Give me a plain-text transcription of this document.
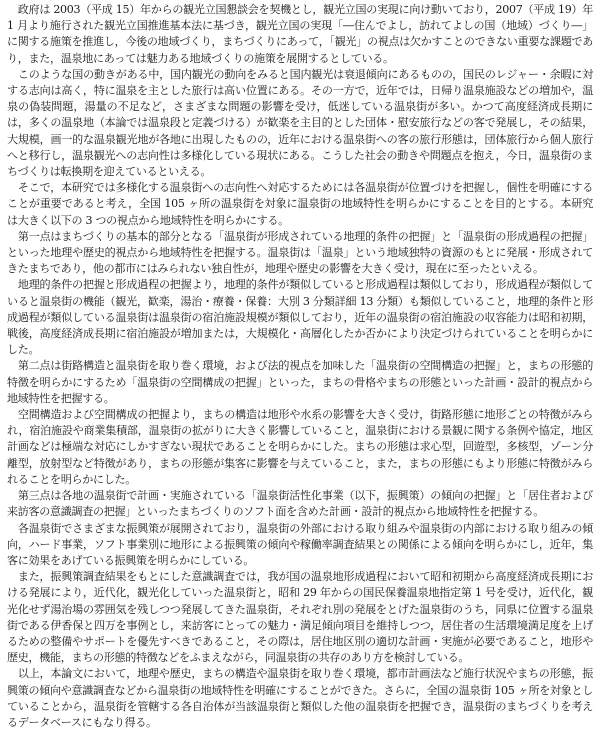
　政府は 2003（平成 15）年からの観光立国懇談会を契機とし，観光立国の実現に向け動いており，2007（平成 19）年 1 月より施行された観光立国推進基本法に基づき，観光立国の実現「―住んでよし，訪れてよしの国（地域）づくり―」に関する施策を推進し，今後の地域づくり，まちづくりにあって，「観光」の視点は欠かすことのできない重要な課題であり，また，温泉地にあっては魅力ある地域づくりの施策を展開するとしている。

　このような国の動きがある中，国内観光の動向をみると国内観光は衰退傾向にあるものの，国民のレジャー・余暇に対する志向は高く，特に温泉を主とした旅行は高い位置にある。その一方で，近年では，日帰り温泉施設などの増加や，温泉の偽装問題，湯量の不足など，さまざまな問題の影響を受け，低迷している温泉街が多い。かつて高度経済成長期には，多くの温泉地（本論では温泉段と定義づける）が歓楽を主目的とした団体・慰安旅行などの客で発展し，その結果，大規模，画一的な温泉観光地が各地に出現したものの，近年における温泉街への客の旅行形態は，団体旅行から個人旅行へと移行し，温泉観光への志向性は多様化している現状にある。こうした社会の動きや問題点を抱え，今日，温泉街のまちづくりは転換期を迎えているといえる。

　そこで，本研究では多様化する温泉街への志向性へ対応するためには各温泉街が位置づけを把握し，個性を明確にすることが重要であると考え，全国 105 ヶ所の温泉街を対象に温泉街の地域特性を明らかにすることを目的とする。本研究は大きく以下の 3 つの視点から地域特性を明らかにする。

　第一点はまちづくりの基本的部分となる「温泉街が形成されている地理的条件の把握」と「温泉街の形成過程の把握」といった地理や歴史的視点から地域特性を把握する。温泉街は「温泉」という地域独特の資源のもとに発展・形成されてきたまちであり，他の都市にはみられない独自性が，地理や歴史の影響を大きく受け，現在に至ったといえる。

　地理的条件の把握と形成過程の把握より，地理的条件が類似していると形成過程は類似しており，形成過程が類似していると温泉街の機能（観光，歓楽，湯治・療養・保養：大別 3 分類詳細 13 分類）も類似していること，地理的条件と形成過程が類似している温泉街は温泉街の宿泊施設規模が類似しており，近年の温泉街の宿泊施設の収容能力は昭和初期，戦後，高度経済成長期に宿泊施設が増加または，大規模化・高層化したか否かにより決定づけられていることを明らかにした。

　第二点は街路構造と温泉街を取り巻く環境，および法的視点を加味した「温泉街の空間構造の把握」と，まちの形態的特徴を明らかにするため「温泉街の空間構成の把握」といった，まちの骨格やまちの形態といった計画・設計的視点から地域特性を把握する。

　空間構造および空間構成の把握より，まちの構造は地形や水系の影響を大きく受け，街路形態に地形ごとの特徴がみられ，宿泊施設や商業集積部，温泉街の拡がりに大きく影響していること，温泉街における景観に関する条例や協定，地区計画などは極端な対応にしかすぎない現状であることを明らかにした。まちの形態は求心型，回遊型，多核型，ゾーン分離型，放射型など特徴があり，まちの形態が集客に影響を与えていること，また，まちの形態にもより形態に特徴がみられることを明らかにした。

　第三点は各地の温泉街で計画・実施されている「温泉街活性化事業（以下，振興策）の傾向の把握」と「居住者および来訪客の意識調査の把握」といったまちづくりのソフト面を含めた計画・設計的視点から地域特性を把握する。

　各温泉街でさまざまな振興策が展開されており，温泉街の外部における取り組みや温泉街の内部における取り組みの傾向，ハード事業，ソフト事業別に地形による振興策の傾向や稼働率調査結果との関係による傾向を明らかにし，近年，集客に効果をあげている振興策を明らかにしている。

　また，振興策調査結果をもとにした意識調査では，我が国の温泉地形成過程において昭和初期から高度経済成長期における発展により，近代化，観光化していった温泉街と，昭和 29 年からの国民保養温泉地指定第 1 号を受け，近代化，観光化せず湯治場の雰囲気を残しつつ発展してきた温泉街，それぞれ別の発展をとげた温泉街のうち，同県に位置する温泉街である伊香保と四万を事例とし，来訪客にとっての魅力・満足傾向項目を維持しつつ，居住者の生活環境満足度を上げるための整備やサポートを優先すべきであること，その際は，居住地区別の適切な計画・実施が必要であること，地形や歴史，機能，まちの形態的特徴などをふまえながら，同温泉街の共存のあり方を検討している。

　以上，本論文において，地理や歴史，まちの構造や温泉街を取り巻く環境，都市計画法など施行状況やまちの形態，振興策の傾向や意識調査などから温泉街の地域特性を明確にすることができた。さらに，全国の温泉街 105 ヶ所を対象としていることから，温泉街を管轄する各自治体が当該温泉街と類似した他の温泉街を把握でき，温泉街のまちづくりを考えるデータベースにもなり得る。
